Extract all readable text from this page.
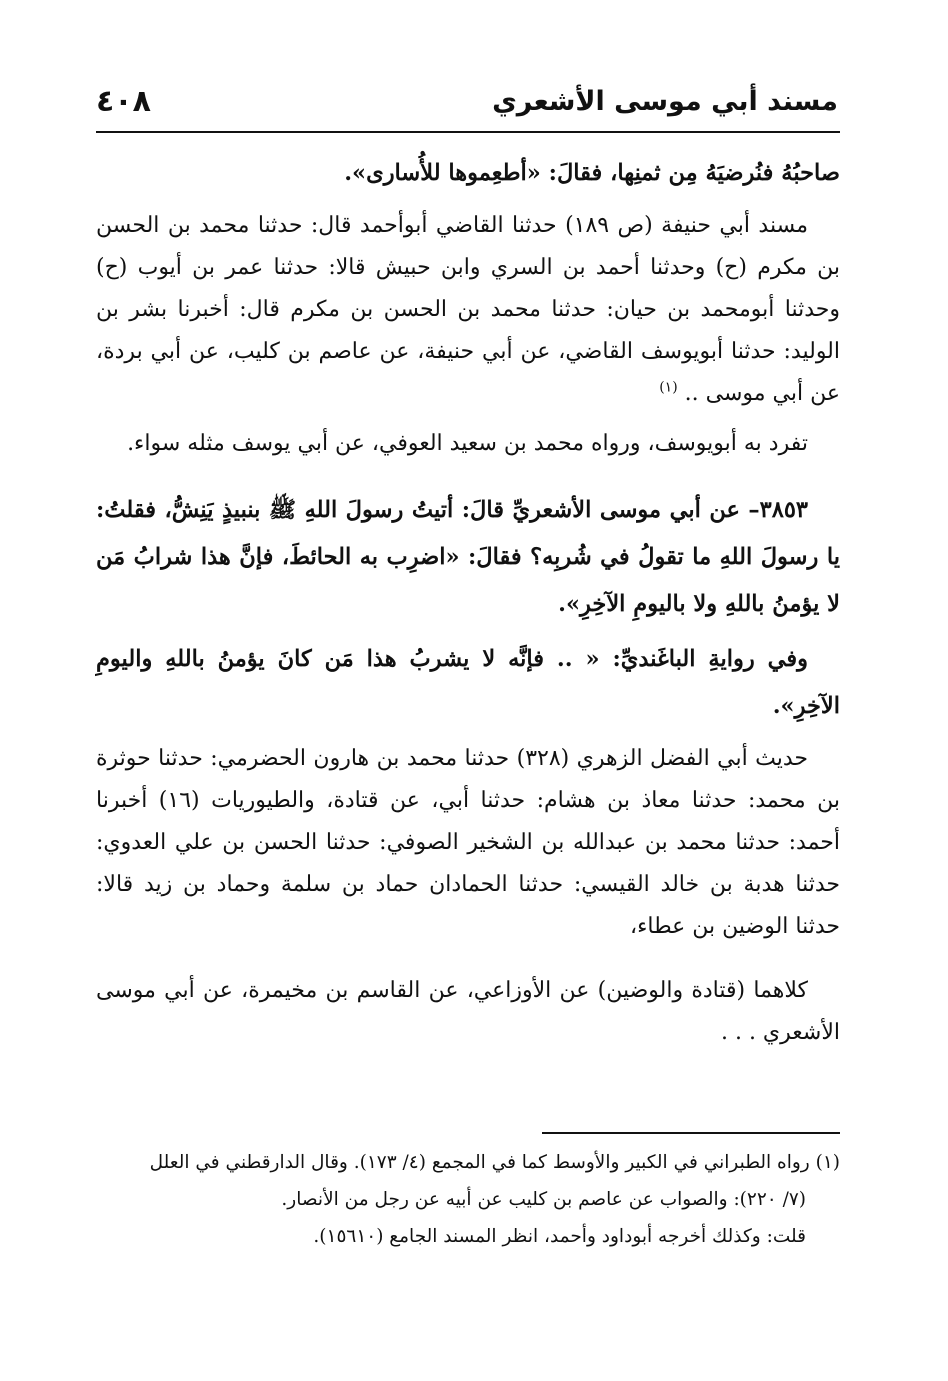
مسند أبي موسى الأشعري
٤٠٨

صاحبُهُ فنُرضيَهُ مِن ثمنِها، فقالَ: «أطعِموها للأُسارى».

مسند أبي حنيفة (ص ١٨٩) حدثنا القاضي أبوأحمد قال: حدثنا محمد بن الحسن بن مكرم (ح) وحدثنا أحمد بن السري وابن حبيش قالا: حدثنا عمر بن أيوب (ح) وحدثنا أبومحمد بن حيان: حدثنا محمد بن الحسن بن مكرم قال: أخبرنا بشر بن الوليد: حدثنا أبويوسف القاضي، عن أبي حنيفة، عن عاصم بن كليب، عن أبي بردة، عن أبي موسى .. $^{(١)}$

تفرد به أبويوسف، ورواه محمد بن سعيد العوفي، عن أبي يوسف مثله سواء.

٣٨٥٣– عن أبي موسى الأشعريِّ قالَ: أتيتُ رسولَ اللهِ ﷺ بنبيذٍ يَنِشُّ، فقلتُ: يا رسولَ اللهِ ما تقولُ في شُربِه؟ فقالَ: «اضرِب به الحائطَ، فإنَّ هذا شرابُ مَن لا يؤمنُ باللهِ ولا باليومِ الآخِرِ».

وفي روايةِ الباغَنديِّ: « .. فإنَّه لا يشربُ هذا مَن كانَ يؤمنُ باللهِ واليومِ الآخِرِ».

حديث أبي الفضل الزهري (٣٢٨) حدثنا محمد بن هارون الحضرمي: حدثنا حوثرة بن محمد: حدثنا معاذ بن هشام: حدثنا أبي، عن قتادة، والطيوريات (١٦) أخبرنا أحمد: حدثنا محمد بن عبدالله بن الشخير الصوفي: حدثنا الحسن بن علي العدوي: حدثنا هدبة بن خالد القيسي: حدثنا الحمادان حماد بن سلمة وحماد بن زيد قالا: حدثنا الوضين بن عطاء،

كلاهما (قتادة والوضين) عن الأوزاعي، عن القاسم بن مخيمرة، عن أبي موسى الأشعري . . .

(١) رواه الطبراني في الكبير والأوسط كما في المجمع (٤/ ١٧٣). وقال الدارقطني في العلل

(٧/ ٢٢٠): والصواب عن عاصم بن كليب عن أبيه عن رجل من الأنصار.

قلت: وكذلك أخرجه أبوداود وأحمد، انظر المسند الجامع (١٥٦١٠).
